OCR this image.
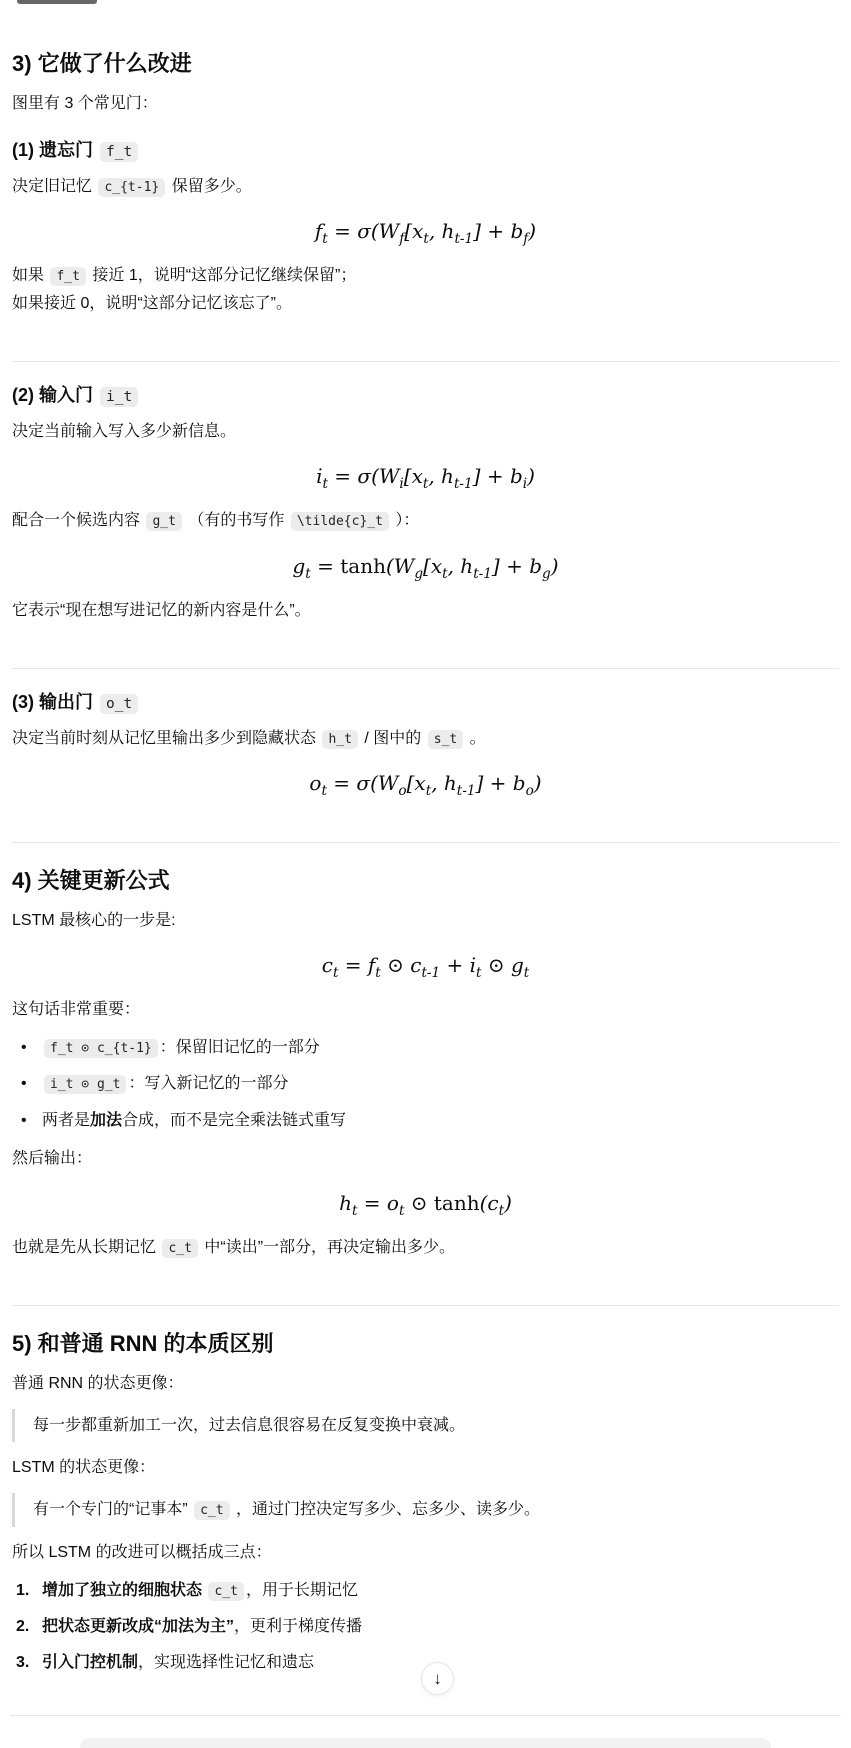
3) 它做了什么改进

图里有 3 个常见门：

(1) 遗忘门 f_t

决定旧记忆 c_{t-1} 保留多少。

$f_t = \sigma(W_f[x_t$, $h_{t-1}] + b_f$)

如果 f_t 接近 1，说明“这部分记忆继续保留”；
如果接近 0，说明“这部分记忆该忘了”。

(2) 输入门 i_t

决定当前输入写入多少新信息。

$i_t = \sigma(W_i[x_t$, $h_{t-1}] + b_i$)

配合一个候选内容 g_t （有的书写作 \tilde{c}_t ）：

$g_t = \tanh(W_g[x_t$, $h_{t-1}] + b_g$)

它表示“现在想写进记忆的新内容是什么”。

(3) 输出门 o_t

决定当前时刻从记忆里输出多少到隐藏状态 h_t / 图中的 s_t 。

$o_t = \sigma(W_o[x_t$, $h_{t-1}] + b_o$)
4) 关键更新公式

LSTM 最核心的一步是:

$c_t = f_t$ ⊙ $c_{t-1} + i_t$ ⊙ $g_t$

这句话非常重要：

• f_t ⊙ c_{t-1} ：保留旧记忆的一部分
• i_t ⊙ g_t ：写入新记忆的一部分
• 两者是加法合成，而不是完全乘法链式重写

然后输出：

$h_t = o_t$ ⊙ $\tanh(c_t)$

也就是先从长期记忆 c_t 中“读出”一部分，再决定输出多少。

5) 和普通 RNN 的本质区别

普通 RNN 的状态更像：

每一步都重新加工一次，过去信息很容易在反复变换中衰减。

LSTM 的状态更像：

有一个专门的“记事本” c_t ，通过门控决定写多少、忘多少、读多少。

所以 LSTM 的改进可以概括成三点：

增加了独立的细胞状态 c_t ，用于长期记忆
把状态更新改成“加法为主”，更利于梯度传播
引入门控机制，实现选择性记忆和遗忘
↓
